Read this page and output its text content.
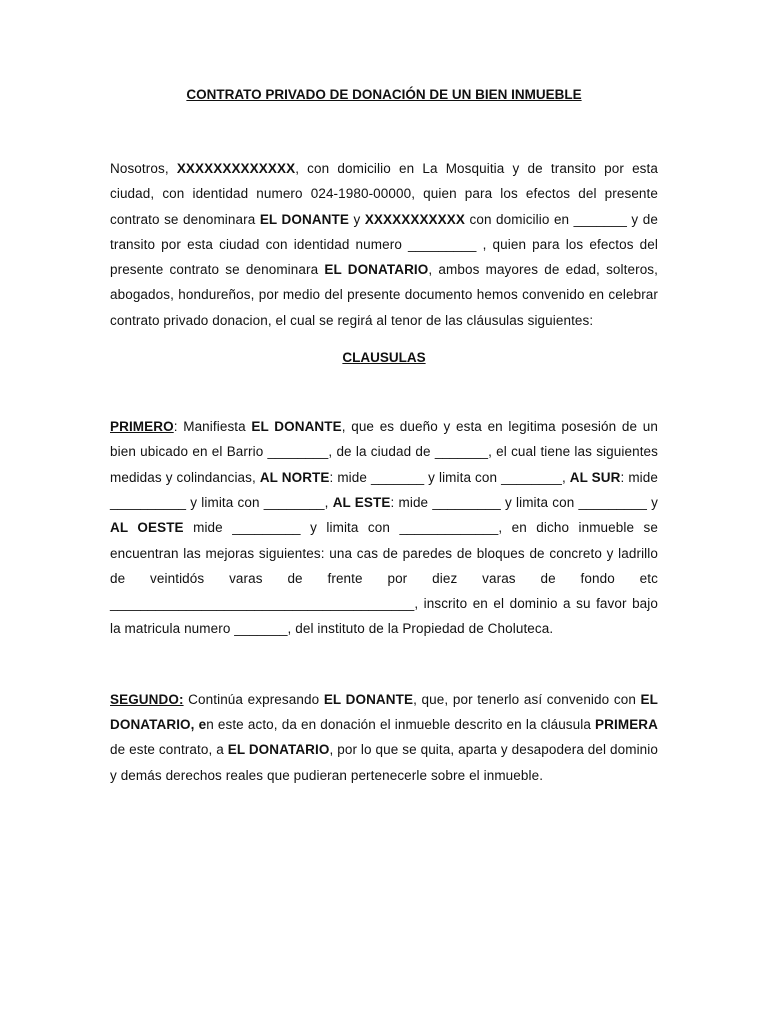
CONTRATO PRIVADO DE DONACIÓN DE UN BIEN INMUEBLE

Nosotros, XXXXXXXXXXXXX, con domicilio en La Mosquitia y de transito por esta ciudad, con identidad numero 024-1980-00000, quien para los efectos del presente contrato se denominara EL DONANTE y XXXXXXXXXXX con domicilio en _______ y de transito por esta ciudad con identidad numero _________ , quien para los efectos del presente contrato se denominara EL DONATARIO, ambos mayores de edad, solteros, abogados, hondureños, por medio del presente documento hemos convenido en celebrar contrato privado donacion, el cual se regirá al tenor de las cláusulas siguientes:

CLAUSULAS

PRIMERO: Manifiesta EL DONANTE, que es dueño y esta en legitima posesión de un bien ubicado en el Barrio ________, de la ciudad de _______, el cual tiene las siguientes medidas y colindancias, AL NORTE: mide _______ y limita con ________, AL SUR: mide __________ y limita con ________, AL ESTE: mide _________ y limita con _________ y AL OESTE mide _________ y limita con _____________, en dicho inmueble se encuentran las mejoras siguientes: una cas de paredes de bloques de concreto y ladrillo de veintidós varas de frente por diez varas de fondo etc ________________________________________, inscrito en el dominio a su favor bajo la matricula numero _______, del instituto de la Propiedad de Choluteca.

SEGUNDO: Continúa expresando EL DONANTE, que, por tenerlo así convenido con EL DONATARIO, en este acto, da en donación el inmueble descrito en la cláusula PRIMERA de este contrato, a EL DONATARIO, por lo que se quita, aparta y desapodera del dominio y demás derechos reales que pudieran pertenecerle sobre el inmueble.
